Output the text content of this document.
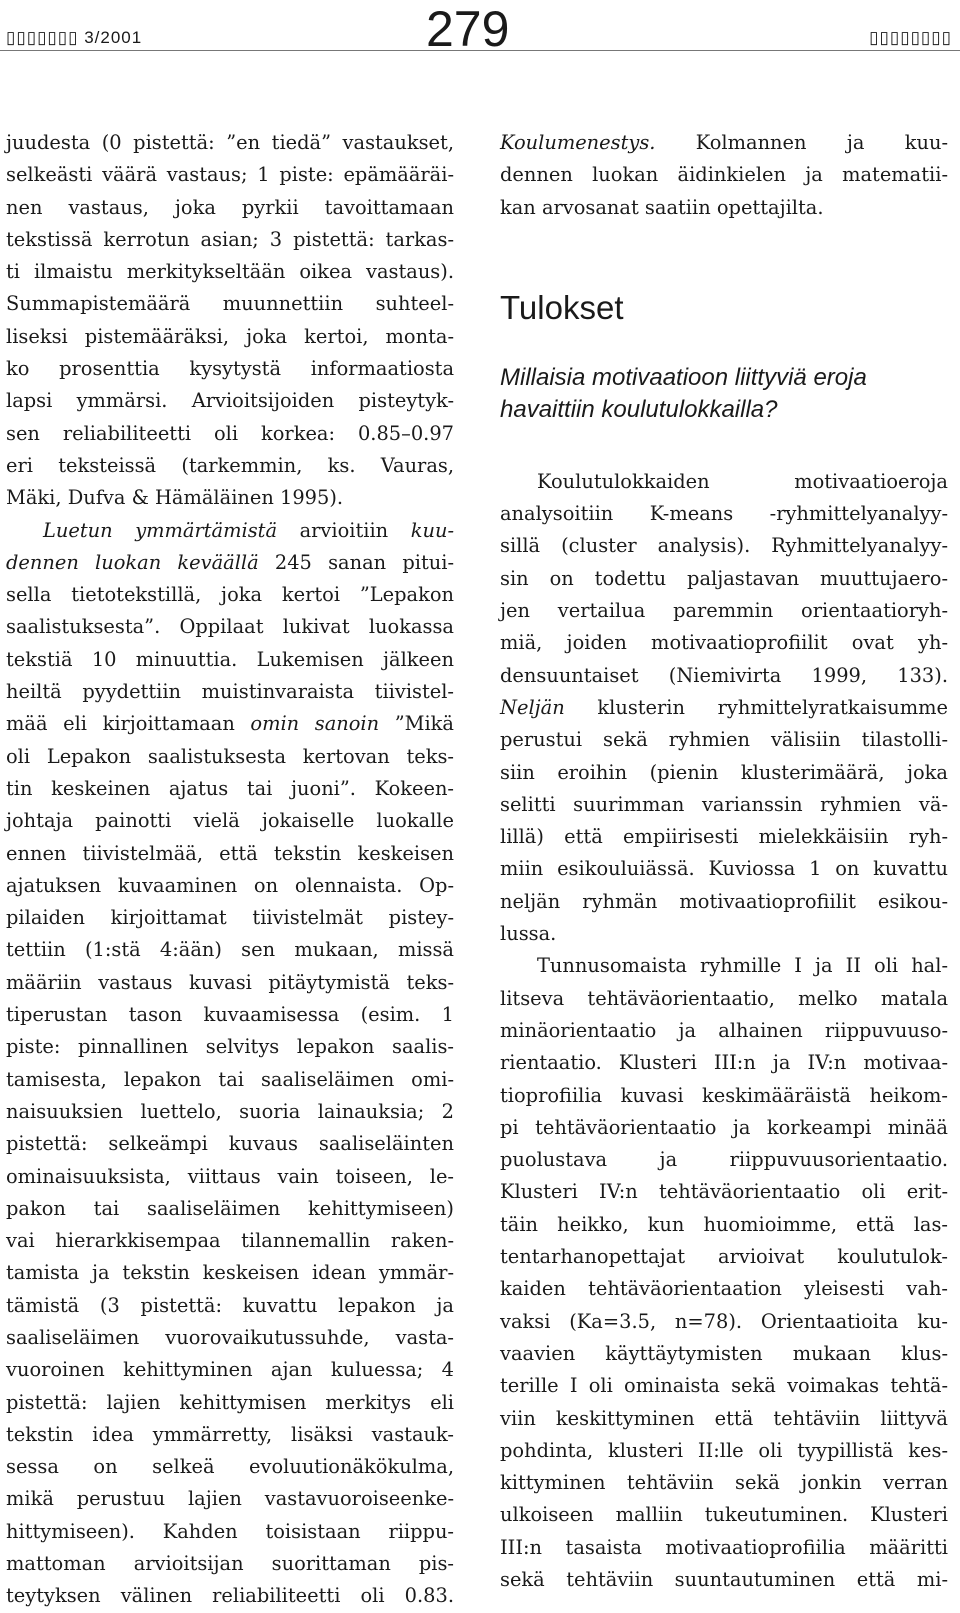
▯▯▯▯▯▯▯ 3/2001	279	▯▯▯▯▯▯▯▯
juudesta (0 pistettä: ”en tiedä” vastaukset,
selkeästi väärä vastaus; 1 piste: epämääräi-
nen vastaus, joka pyrkii tavoittamaan
tekstissä kerrotun asian; 3 pistettä: tarkas-
ti ilmaistu merkitykseltään oikea vastaus).
Summapistemäärä muunnettiin suhteel-
liseksi pistemääräksi, joka kertoi, monta-
ko prosenttia kysytystä informaatiosta
lapsi ymmärsi. Arvioitsijoiden pisteytyk-
sen reliabiliteetti oli korkea: 0.85–0.97
eri teksteissä (tarkemmin, ks. Vauras,
Mäki, Dufva & Hämäläinen 1995).
Luetun ymmärtämistä arvioitiin kuu-
dennen luokan keväällä 245 sanan pitui-
sella tietotekstillä, joka kertoi ”Lepakon
saalistuksesta”. Oppilaat lukivat luokassa
tekstiä 10 minuuttia. Lukemisen jälkeen
heiltä pyydettiin muistinvaraista tiivistel-
mää eli kirjoittamaan omin sanoin ”Mikä
oli Lepakon saalistuksesta kertovan teks-
tin keskeinen ajatus tai juoni”. Kokeen-
johtaja painotti vielä jokaiselle luokalle
ennen tiivistelmää, että tekstin keskeisen
ajatuksen kuvaaminen on olennaista. Op-
pilaiden kirjoittamat tiivistelmät pistey-
tettiin (1:stä 4:ään) sen mukaan, missä
määriin vastaus kuvasi pitäytymistä teks-
tiperustan tason kuvaamisessa (esim. 1
piste: pinnallinen selvitys lepakon saalis-
tamisesta, lepakon tai saaliseläimen omi-
naisuuksien luettelo, suoria lainauksia; 2
pistettä: selkeämpi kuvaus saaliseläinten
ominaisuuksista, viittaus vain toiseen, le-
pakon tai saaliseläimen kehittymiseen)
vai hierarkkisempaa tilannemallin raken-
tamista ja tekstin keskeisen idean ymmär-
tämistä (3 pistettä: kuvattu lepakon ja
saaliseläimen vuorovaikutussuhde, vasta-
vuoroinen kehittyminen ajan kuluessa; 4
pistettä: lajien kehittymisen merkitys eli
tekstin idea ymmärretty, lisäksi vastauk-
sessa on selkeä evoluutionäkökulma,
mikä perustuu lajien vastavuoroiseenke-
hittymiseen). Kahden toisistaan riippu-
mattoman arvioitsijan suorittaman pis-
teytyksen välinen reliabiliteetti oli 0.83.
Koulumenestys. Kolmannen ja kuu-
dennen luokan äidinkielen ja matematii-
kan arvosanat saatiin opettajilta.
Tulokset
Millaisia motivaatioon liittyviä eroja
havaittiin koulutulokkailla?
Koulutulokkaiden motivaatioeroja
analysoitiin K-means -ryhmittelyanalyy-
sillä (cluster analysis). Ryhmittelyanalyy-
sin on todettu paljastavan muuttujaero-
jen vertailua paremmin orientaatioryh-
miä, joiden motivaatioprofiilit ovat yh-
densuuntaiset (Niemivirta 1999, 133).
Neljän klusterin ryhmittelyratkaisumme
perustui sekä ryhmien välisiin tilastolli-
siin eroihin (pienin klusterimäärä, joka
selitti suurimman varianssin ryhmien vä-
lillä) että empiirisesti mielekkäisiin ryh-
miin esikouluiässä. Kuviossa 1 on kuvattu
neljän ryhmän motivaatioprofiilit esikou-
lussa.
Tunnusomaista ryhmille I ja II oli hal-
litseva tehtäväorientaatio, melko matala
minäorientaatio ja alhainen riippuvuuso-
rientaatio. Klusteri III:n ja IV:n motivaa-
tioprofiilia kuvasi keskimääräistä heikom-
pi tehtäväorientaatio ja korkeampi minää
puolustava ja riippuvuusorientaatio.
Klusteri IV:n tehtäväorientaatio oli erit-
täin heikko, kun huomioimme, että las-
tentarhanopettajat arvioivat koulutulok-
kaiden tehtäväorientaation yleisesti vah-
vaksi (Ka=3.5, n=78). Orientaatioita ku-
vaavien käyttäytymisten mukaan klus-
terille I oli ominaista sekä voimakas tehtä-
viin keskittyminen että tehtäviin liittyvä
pohdinta, klusteri II:lle oli tyypillistä kes-
kittyminen tehtäviin sekä jonkin verran
ulkoiseen malliin tukeutuminen. Klusteri
III:n tasaista motivaatioprofiilia määritti
sekä tehtäviin suuntautuminen että mi-
